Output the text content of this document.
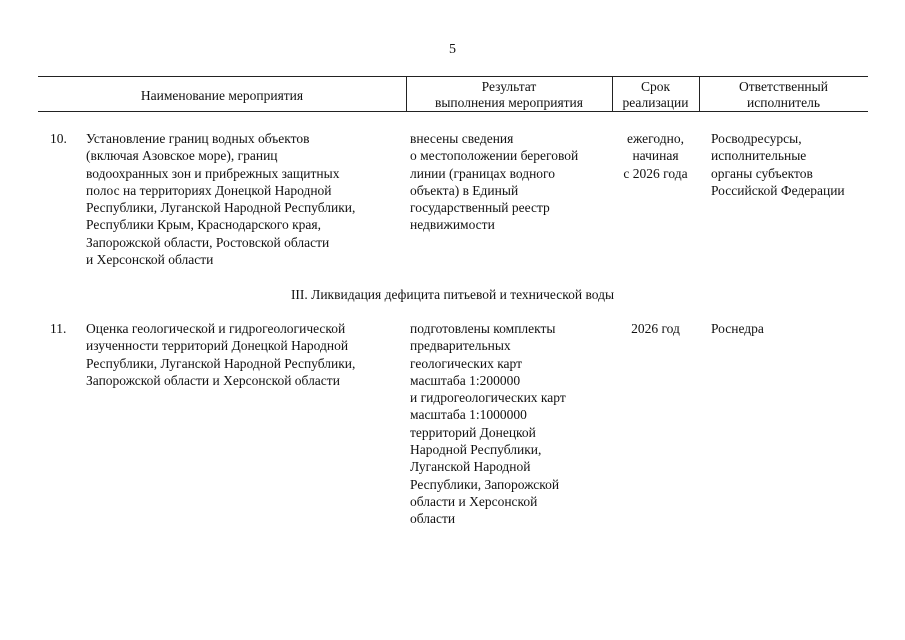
5
Наименование мероприятия
Результат
выполнения мероприятия
Срок
реализации
Ответственный
исполнитель
10. Установление границ водных объектов
(включая Азовское море), границ
водоохранных зон и прибрежных защитных
полос на территориях Донецкой Народной
Республики, Луганской Народной Республики,
Республики Крым, Краснодарского края,
Запорожской области, Ростовской области
и Херсонской области
внесены сведения
о местоположении береговой
линии (границах водного
объекта) в Единый
государственный реестр
недвижимости
ежегодно,
начиная
с 2026 года
Росводресурсы,
исполнительные
органы субъектов
Российской Федерации
III. Ликвидация дефицита питьевой и технической воды
11. Оценка геологической и гидрогеологической
изученности территорий Донецкой Народной
Республики, Луганской Народной Республики,
Запорожской области и Херсонской области
подготовлены комплекты
предварительных
геологических карт
масштаба 1:200000
и гидрогеологических карт
масштаба 1:1000000
территорий Донецкой
Народной Республики,
Луганской Народной
Республики, Запорожской
области и Херсонской
области
2026 год	Роснедра
